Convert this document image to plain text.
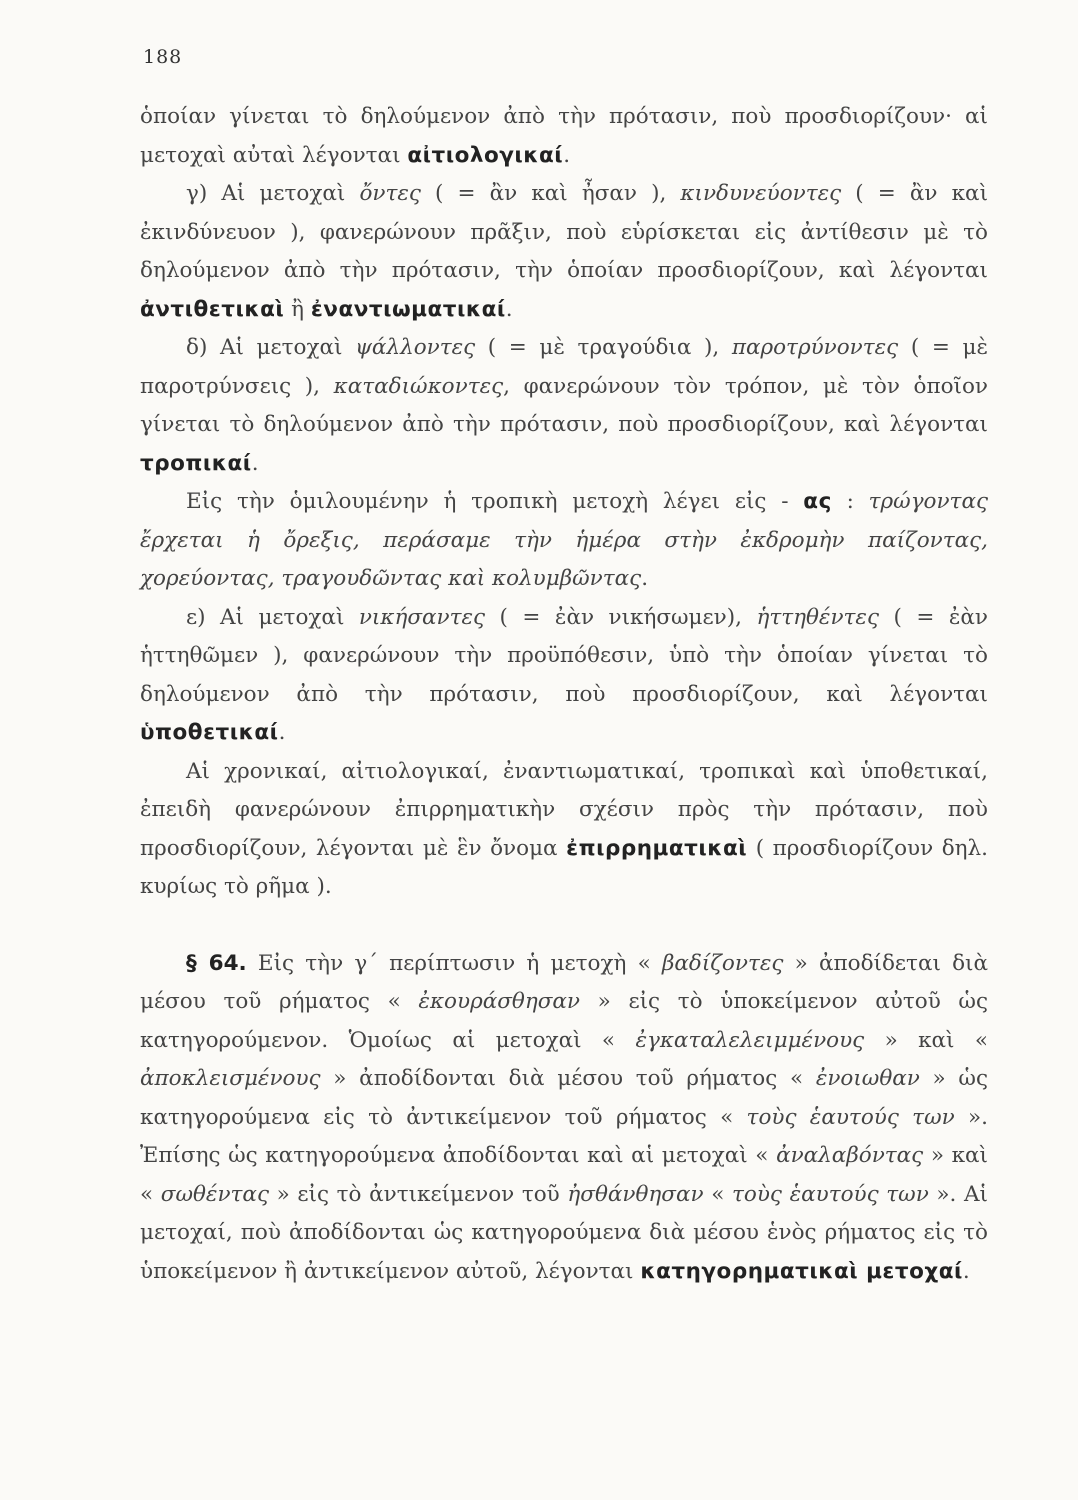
188

ὁποίαν γίνεται τὸ δηλούμενον ἀπὸ τὴν πρότασιν, ποὺ προσδιορίζουν· αἱ μετοχαὶ αὐταὶ λέγονται αἰτιολογικαί.

γ) Αἱ μετοχαὶ ὄντες ( = ἂν καὶ ἦσαν ), κινδυνεύοντες ( = ἂν καὶ ἐκινδύνευον ), φανερώνουν πρᾶξιν, ποὺ εὑρίσκεται εἰς ἀντίθεσιν μὲ τὸ δηλούμενον ἀπὸ τὴν πρότασιν, τὴν ὁποίαν προσδιορίζουν, καὶ λέγονται ἀντιθετικαὶ ἢ ἐναντιωματικαί.

δ) Αἱ μετοχαὶ ψάλλοντες ( = μὲ τραγούδια ), παροτρύνοντες ( = μὲ παροτρύνσεις ), καταδιώκοντες, φανερώνουν τὸν τρόπον, μὲ τὸν ὁποῖον γίνεται τὸ δηλούμενον ἀπὸ τὴν πρότασιν, ποὺ προσδιορίζουν, καὶ λέγονται τροπικαί.

Εἰς τὴν ὁμιλουμένην ἡ τροπικὴ μετοχὴ λέγει εἰς - ας : τρώγοντας ἔρχεται ἡ ὄρεξις, περάσαμε τὴν ἡμέρα στὴν ἐκδρομὴν παίζοντας, χορεύοντας, τραγουδῶντας καὶ κολυμβῶντας.

ε) Αἱ μετοχαὶ νικήσαντες ( = ἐὰν νικήσωμεν), ἡττηθέντες ( = ἐὰν ἡττηθῶμεν ), φανερώνουν τὴν προϋπόθεσιν, ὑπὸ τὴν ὁποίαν γίνεται τὸ δηλούμενον ἀπὸ τὴν πρότασιν, ποὺ προσδιορίζουν, καὶ λέγονται ὑποθετικαί.

Αἱ χρονικαί, αἰτιολογικαί, ἐναντιωματικαί, τροπικαὶ καὶ ὑποθετικαί, ἐπειδὴ φανερώνουν ἐπιρρηματικὴν σχέσιν πρὸς τὴν πρότασιν, ποὺ προσδιορίζουν, λέγονται μὲ ἓν ὄνομα ἐπιρρηματικαὶ ( προσδιορίζουν δηλ. κυρίως τὸ ρῆμα ).

§ 64. Εἰς τὴν γ΄ περίπτωσιν ἡ μετοχὴ « βαδίζοντες » ἀποδίδεται διὰ μέσου τοῦ ρήματος « ἐκουράσθησαν » εἰς τὸ ὑποκείμενον αὐτοῦ ὡς κατηγορούμενον. Ὁμοίως αἱ μετοχαὶ « ἐγκαταλελειμμένους » καὶ « ἀποκλεισμένους » ἀποδίδονται διὰ μέσου τοῦ ρήματος « ἐνοιωθαν » ὡς κατηγορούμενα εἰς τὸ ἀντικείμενον τοῦ ρήματος « τοὺς ἑαυτούς των ». Ἐπίσης ὡς κατηγορούμενα ἀποδίδονται καὶ αἱ μετοχαὶ « ἀναλαβόντας » καὶ « σωθέντας » εἰς τὸ ἀντικείμενον τοῦ ἠσθάνθησαν « τοὺς ἑαυτούς των ». Αἱ μετοχαί, ποὺ ἀποδίδονται ὡς κατηγορούμενα διὰ μέσου ἑνὸς ρήματος εἰς τὸ ὑποκείμενον ἢ ἀντικείμενον αὐτοῦ, λέγονται κατηγορηματικαὶ μετοχαί.
